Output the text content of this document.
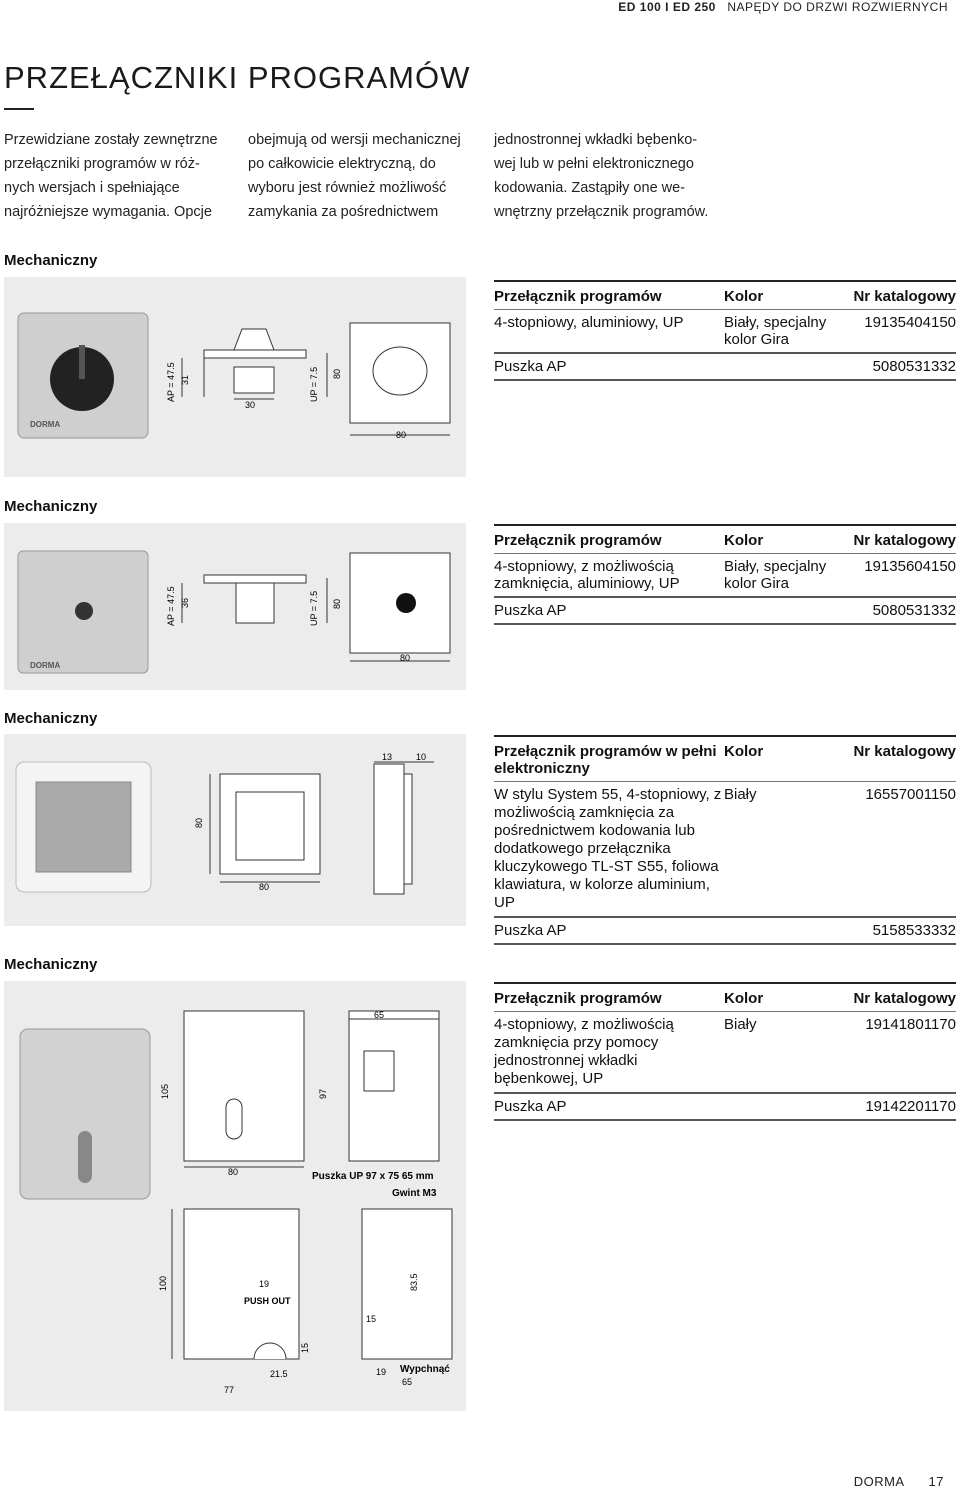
ED 100 I ED 250 NAPĘDY DO DRZWI ROZWIERNYCH
PRZEŁĄCZNIKI PROGRAMÓW
Przewidziane zostały zewnętrzne przełączniki programów w róż- nych wersjach i spełniające najróżniejsze wymagania. Opcje
obejmują od wersji mechanicznej po całkowicie elektryczną, do wyboru jest również możliwość zamykania za pośrednictwem
jednostronnej wkładki bębenko- wej lub w pełni elektronicznego kodowania. Zastąpiły one we- wnętrzny przełącznik programów.
Mechaniczny
DORMA
AP = 47.5 31
30
UP = 7.5 80
80
Przełącznik programów	Kolor	Nr katalogowy
4-stopniowy, aluminiowy, UP	Biały, specjalny kolor Gira	19135404150
Puszka AP		5080531332
Mechaniczny
DORMA
AP = 47.5 36	UP = 7.5 80
80
Przełącznik programów	Kolor	Nr katalogowy
4-stopniowy, z możliwością zamknięcia, aluminiowy, UP	Biały, specjalny kolor Gira	19135604150
Puszka AP		5080531332
Mechaniczny
80
80
13	10	Przełącznik programów w pełni elektroniczny	Kolor	Nr katalogowy
W stylu System 55, 4-stopniowy, z możliwością zamknięcia za pośrednictwem kodowania lub dodatkowego przełącznika kluczykowego TL-ST S55, foliowa klawiatura, w kolorze aluminium, UP	Biały	16557001150
Puszka AP		5158533332
Mechaniczny
105	97
65
80	Puszka UP 97 x 75 65 mm
Gwint M3
100	19
PUSH OUT
83.5
15
15
77
21.5	19 Wypchnąć
65
Przełącznik programów	Kolor	Nr katalogowy
4-stopniowy, z możliwością zamknięcia przy pomocy jednostronnej wkładki bębenkowej, UP	Biały	19141801170
Puszka AP		19142201170
DORMA 17
